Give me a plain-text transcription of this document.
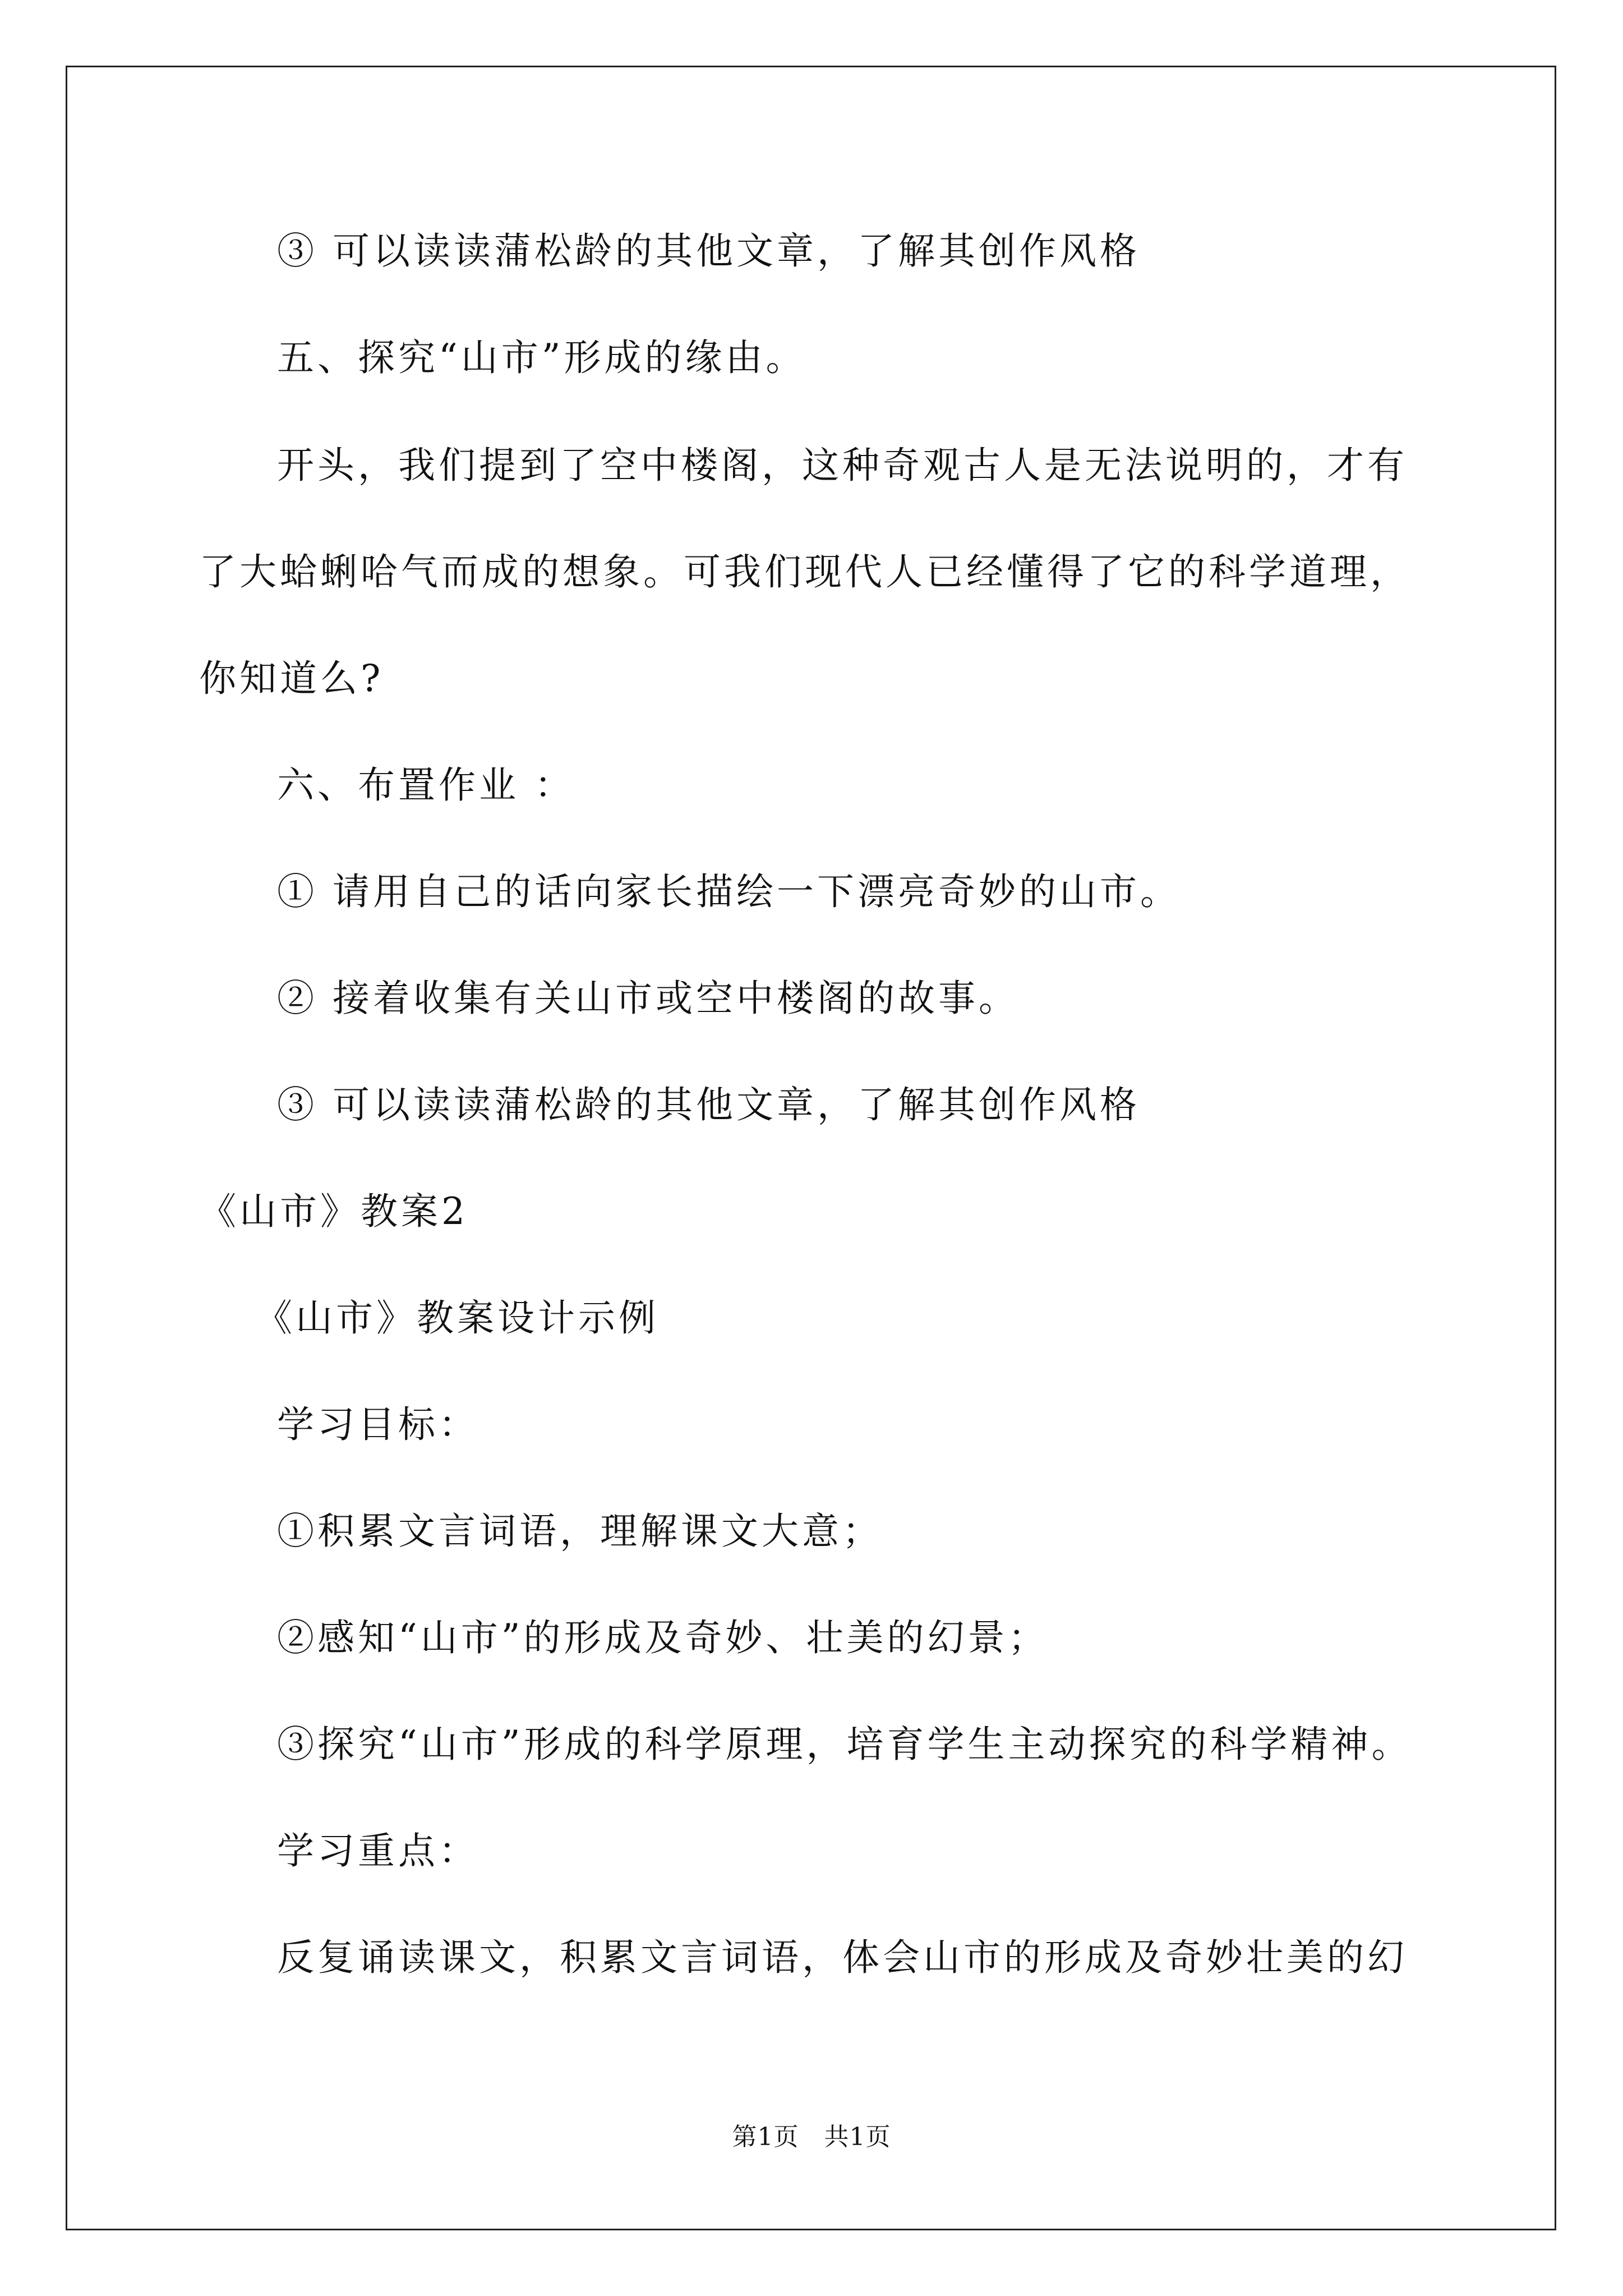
③ 可以读读蒲松龄的其他文章，了解其创作风格
五、探究“山市”形成的缘由。
开头，我们提到了空中楼阁，这种奇观古人是无法说明的，才有
了大蛤蜊哈气而成的想象。可我们现代人已经懂得了它的科学道理，
你知道么?
六、布置作业 ：
① 请用自己的话向家长描绘一下漂亮奇妙的山市。
② 接着收集有关山市或空中楼阁的故事。
③ 可以读读蒲松龄的其他文章，了解其创作风格
《山市》教案2
《山市》教案设计示例
学习目标：
①积累文言词语，理解课文大意；
②感知“山市”的形成及奇妙、壮美的幻景；
③探究“山市”形成的科学原理，培育学生主动探究的科学精神。
学习重点：
反复诵读课文，积累文言词语，体会山市的形成及奇妙壮美的幻
第1页　共1页
